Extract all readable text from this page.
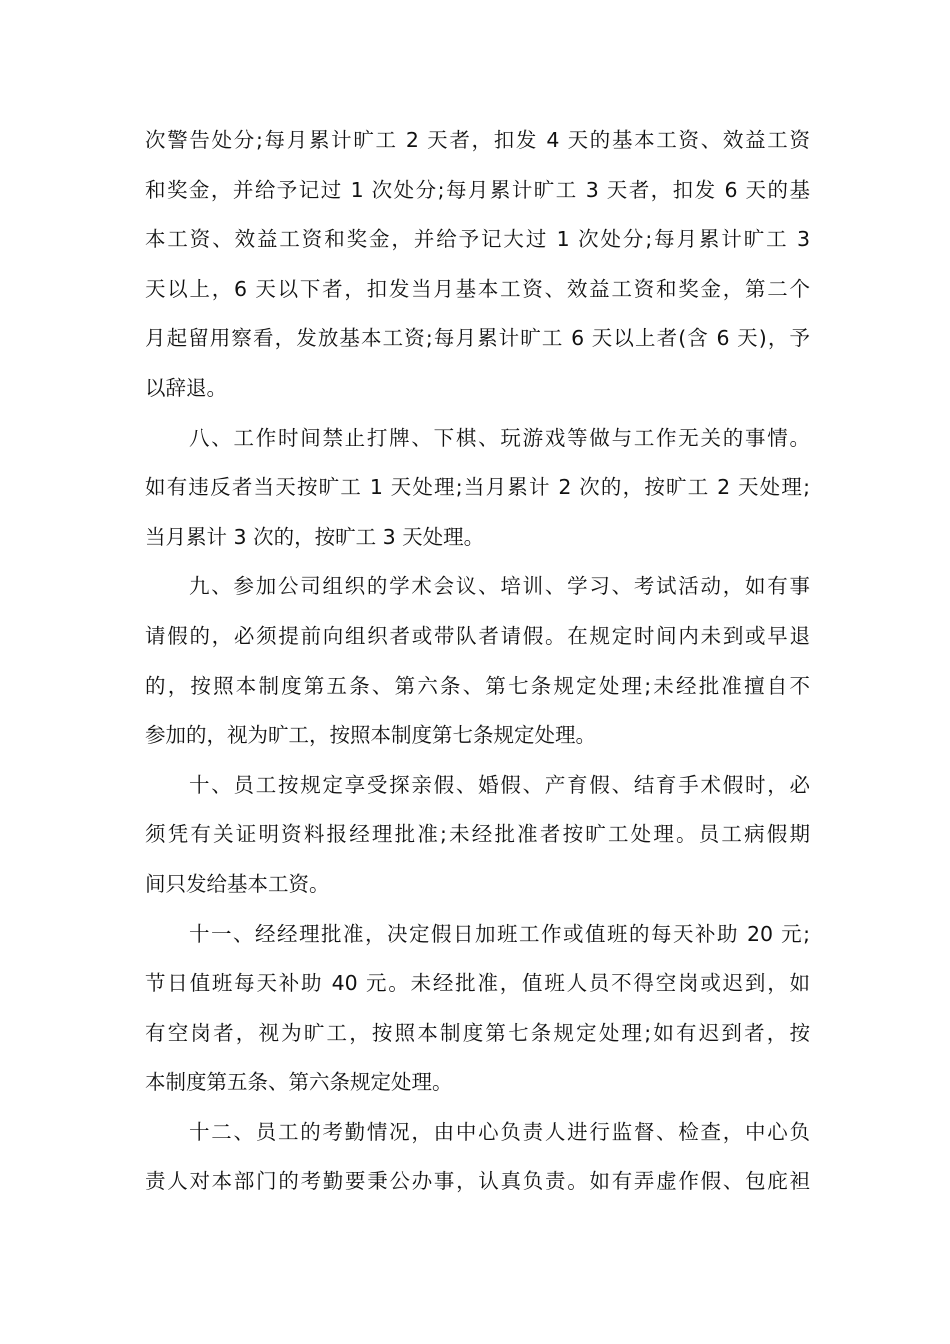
次警告处分;每月累计旷工 2 天者，扣发 4 天的基本工资、效益工资
和奖金，并给予记过 1 次处分;每月累计旷工 3 天者，扣发 6 天的基
本工资、效益工资和奖金，并给予记大过 1 次处分;每月累计旷工 3
天以上，6 天以下者，扣发当月基本工资、效益工资和奖金，第二个
月起留用察看，发放基本工资;每月累计旷工 6 天以上者(含 6 天)，予
以辞退。
八、工作时间禁止打牌、下棋、玩游戏等做与工作无关的事情。
如有违反者当天按旷工 1 天处理;当月累计 2 次的，按旷工 2 天处理;
当月累计 3 次的，按旷工 3 天处理。
九、参加公司组织的学术会议、培训、学习、考试活动，如有事
请假的，必须提前向组织者或带队者请假。在规定时间内未到或早退
的，按照本制度第五条、第六条、第七条规定处理;未经批准擅自不
参加的，视为旷工，按照本制度第七条规定处理。
十、员工按规定享受探亲假、婚假、产育假、结育手术假时，必
须凭有关证明资料报经理批准;未经批准者按旷工处理。员工病假期
间只发给基本工资。
十一、经经理批准，决定假日加班工作或值班的每天补助 20 元;
节日值班每天补助 40 元。未经批准，值班人员不得空岗或迟到，如
有空岗者，视为旷工，按照本制度第七条规定处理;如有迟到者，按
本制度第五条、第六条规定处理。
十二、员工的考勤情况，由中心负责人进行监督、检查，中心负
责人对本部门的考勤要秉公办事，认真负责。如有弄虚作假、包庇袒
